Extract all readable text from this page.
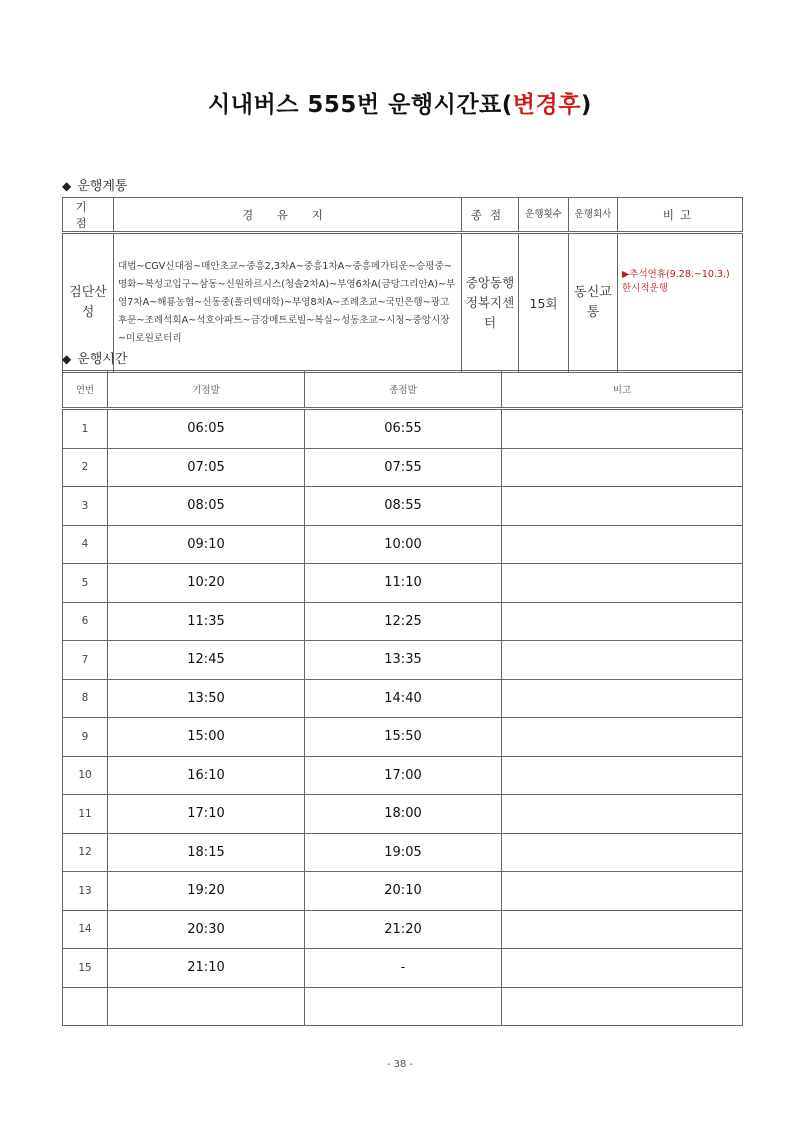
시내버스 555번 운행시간표(변경후)
◆ 운행계통
기점	경 유 지	종점	운행횟수	운행회사	비고
검단산성	대법~CGV신대점~매안초교~중흥2,3차A~중흥1차A~중흥메가티운~승평중~명화~복성고입구~삼동~신원하르시스(청솔2차A)~부영6차A(금당그리안A)~부영7차A~해룡농협~신동중(폴리텍대학)~부영8차A~조례초교~국민은행~광고후문~조례석회A~석호아파트~금강메트로빌~복실~성동초교~시청~중앙시장~미로원로터리	중앙동행정복지센터	15회	동신교통	▶추석연휴(9.28.~10.3.) 한시적운행
◆ 운행시간
연번	기점발	종점발	비고
1	06:05	06:55	
2	07:05	07:55	
3	08:05	08:55	
4	09:10	10:00	
5	10:20	11:10	
6	11:35	12:25	
7	12:45	13:35	
8	13:50	14:40	
9	15:00	15:50	
10	16:10	17:00	
11	17:10	18:00	
12	18:15	19:05	
13	19:20	20:10	
14	20:30	21:20	
15	21:10	-	

- 38 -
